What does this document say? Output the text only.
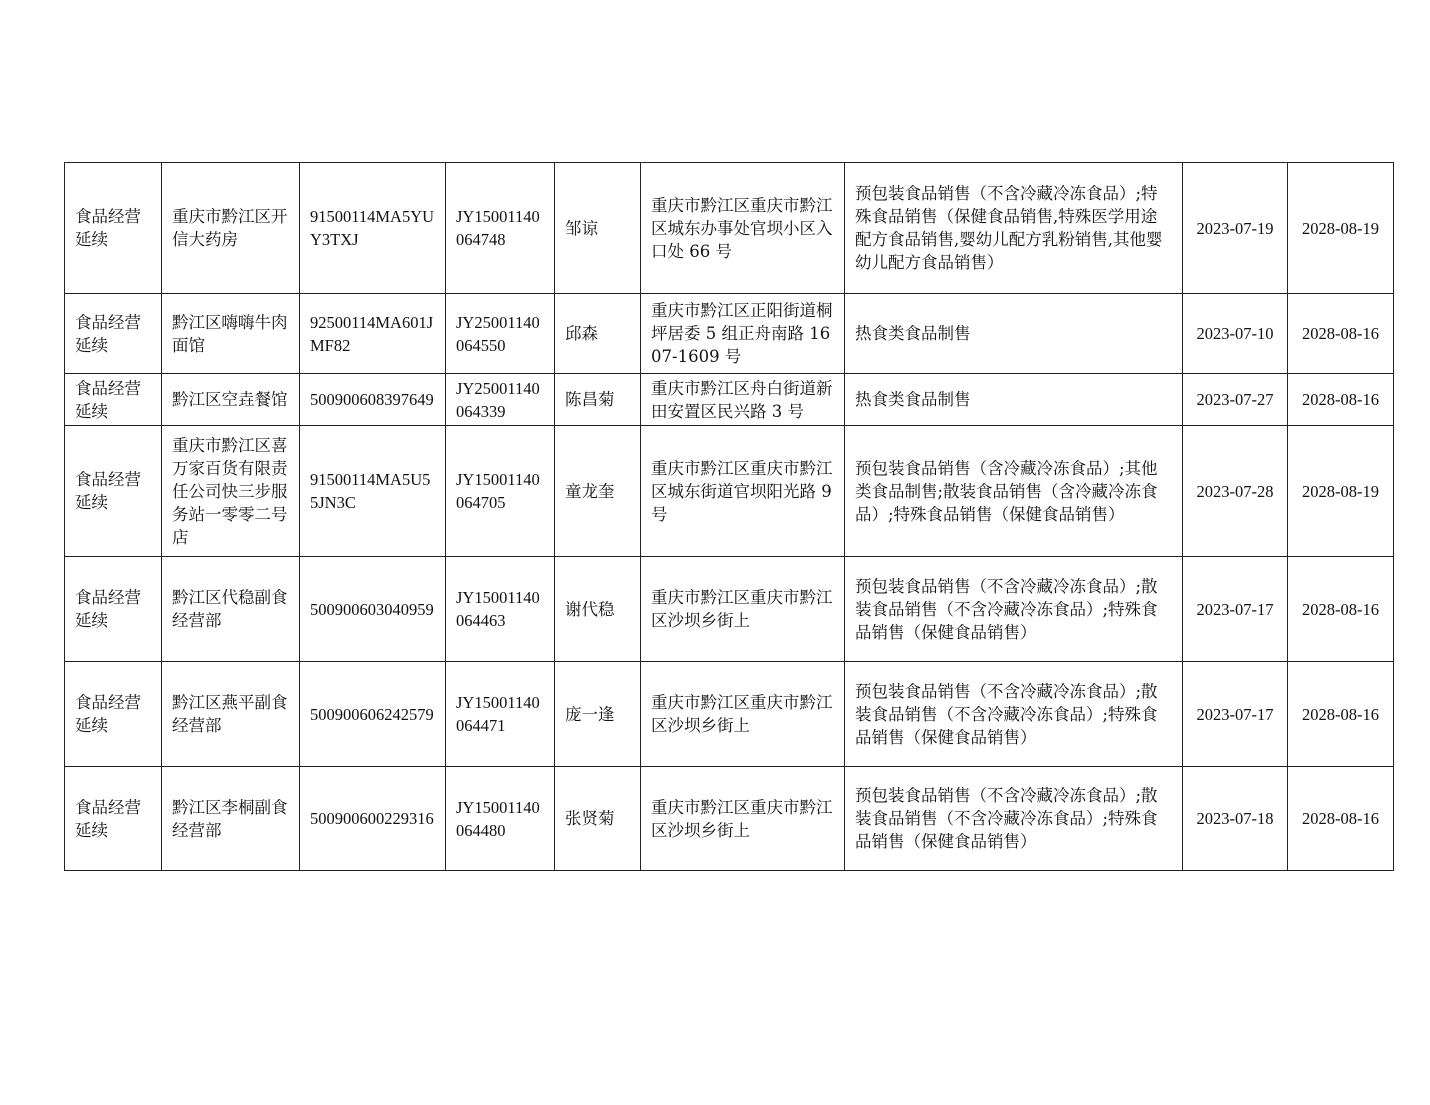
食品经营延续	重庆市黔江区开信大药房	91500114MA5YUY3TXJ	JY15001140064748	邹谅	重庆市黔江区重庆市黔江区城东办事处官坝小区入口处 66 号	预包装食品销售（不含冷藏冷冻食品）;特殊食品销售（保健食品销售,特殊医学用途配方食品销售,婴幼儿配方乳粉销售,其他婴幼儿配方食品销售）	2023-07-19	2028-08-19
食品经营延续	黔江区嗨嗨牛肉面馆	92500114MA601JMF82	JY25001140064550	邱森	重庆市黔江区正阳街道桐坪居委 5 组正舟南路 1607-1609 号	热食类食品制售	2023-07-10	2028-08-16
食品经营延续	黔江区空垚餐馆	500900608397649	JY25001140064339	陈昌菊	重庆市黔江区舟白街道新田安置区民兴路 3 号	热食类食品制售	2023-07-27	2028-08-16
食品经营延续	重庆市黔江区喜万家百货有限责任公司快三步服务站一零零二号店	91500114MA5U55JN3C	JY15001140064705	童龙奎	重庆市黔江区重庆市黔江区城东街道官坝阳光路 9 号	预包装食品销售（含冷藏冷冻食品）;其他类食品制售;散装食品销售（含冷藏冷冻食品）;特殊食品销售（保健食品销售）	2023-07-28	2028-08-19
食品经营延续	黔江区代稳副食经营部	500900603040959	JY15001140064463	谢代稳	重庆市黔江区重庆市黔江区沙坝乡街上	预包装食品销售（不含冷藏冷冻食品）;散装食品销售（不含冷藏冷冻食品）;特殊食品销售（保健食品销售）	2023-07-17	2028-08-16
食品经营延续	黔江区燕平副食经营部	500900606242579	JY15001140064471	庞一逢	重庆市黔江区重庆市黔江区沙坝乡街上	预包装食品销售（不含冷藏冷冻食品）;散装食品销售（不含冷藏冷冻食品）;特殊食品销售（保健食品销售）	2023-07-17	2028-08-16
食品经营延续	黔江区李桐副食经营部	500900600229316	JY15001140064480	张贤菊	重庆市黔江区重庆市黔江区沙坝乡街上	预包装食品销售（不含冷藏冷冻食品）;散装食品销售（不含冷藏冷冻食品）;特殊食品销售（保健食品销售）	2023-07-18	2028-08-16
